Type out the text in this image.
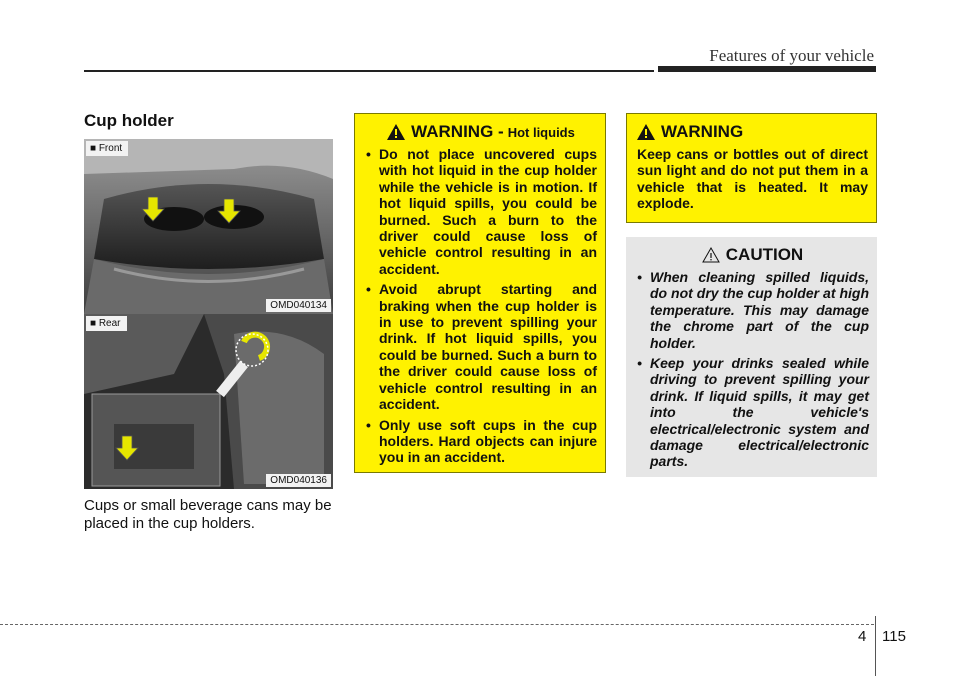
Features of your vehicle
Cup holder
■ Front
OMD040134
■ Rear
OMD040136
Cups or small beverage cans may be placed in the cup holders.
WARNING - Hot liquids
• Do not place uncovered cups with hot liquid in the cup holder while the vehicle is in motion. If hot liquid spills, you could be burned. Such a burn to the driver could cause loss of vehicle control resulting in an accident.
• Avoid abrupt starting and braking when the cup holder is in use to prevent spilling your drink. If hot liquid spills, you could be burned. Such a burn to the driver could cause loss of vehicle control resulting in an accident.
• Only use soft cups in the cup holders. Hard objects can injure you in an accident.
WARNING
Keep cans or bottles out of direct sun light and do not put them in a vehicle that is heated. It may explode.
CAUTION
• When cleaning spilled liquids, do not dry the cup holder at high temperature. This may damage the chrome part of the cup holder.
• Keep your drinks sealed while driving to prevent spilling your drink. If liquid spills, it may get into the vehicle's electrical/electronic system and damage electrical/electronic parts.
4 115
